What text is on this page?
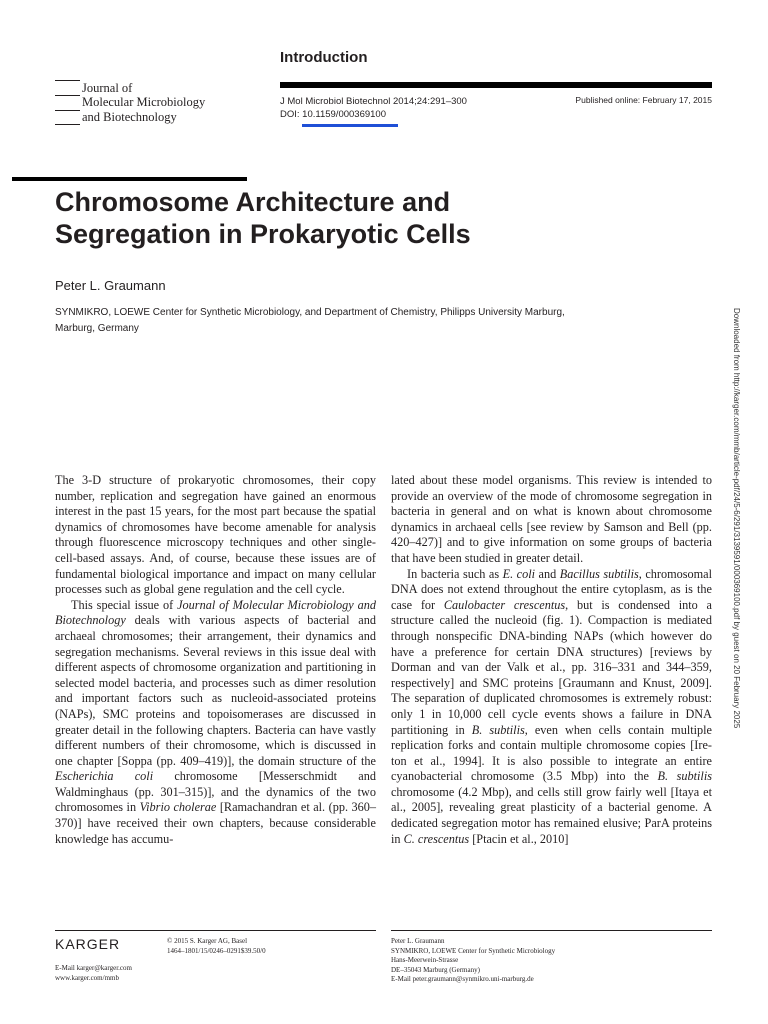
Introduction
Journal of
Molecular Microbiology
and Biotechnology
J Mol Microbiol Biotechnol 2014;24:291–300
DOI: 10.1159/000369100
Published online: February 17, 2015
Chromosome Architecture and
Segregation in Prokaryotic Cells
Peter L. Graumann
SYNMIKRO, LOEWE Center for Synthetic Microbiology, and Department of Chemistry, Philipps University Marburg,
Marburg, Germany	Downloaded from http://karger.com/mmb/article-pdf/24/5-6/291/3139591/000369100.pdf by guest on 20 February 2025

The 3-D structure of prokaryotic chromosomes, their copy number, replication and segregation have gained an enormous interest in the past 15 years, for the most part because the spatial dynamics of chromosomes have become amenable for analysis through fluorescence microscopy techniques and other single-cell-based assays. And, of course, because these issues are of fundamental biological importance and impact on many cellular processes such as global gene regulation and the cell cycle.

This special issue of Journal of Molecular Microbiology and Biotechnology deals with various aspects of bacterial and archaeal chromosomes; their arrangement, their dynamics and segregation mechanisms. Several reviews in this issue deal with different aspects of chromosome organization and partitioning in selected model bacteria, and processes such as dimer resolution and important factors such as nucleoid-associated proteins (NAPs), SMC proteins and topoisomerases are discussed in greater detail in the following chapters. Bacteria can have vastly different numbers of their chromosome, which is discussed in one chapter [Soppa (pp. 409–419)], the domain structure of the Escherichia coli chromosome [Messerschmidt and Waldminghaus (pp. 301–315)], and the dynamics of the two chromosomes in Vibrio cholerae [Ramachandran et al. (pp. 360–370)] have received their own chapters, because considerable knowledge has accumu-

lated about these model organisms. This review is intended to provide an overview of the mode of chromosome segregation in bacteria in general and on what is known about chromosome dynamics in archaeal cells [see review by Samson and Bell (pp. 420–427)] and to give information on some groups of bacteria that have been studied in greater detail.

In bacteria such as E. coli and Bacillus subtilis, chromosomal DNA does not extend throughout the entire cytoplasm, as is the case for Caulobacter crescentus, but is condensed into a structure called the nucleoid (fig. 1). Compaction is mediated through nonspecific DNA-binding NAPs (which however do have a preference for certain DNA structures) [reviews by Dorman and van der Valk et al., pp. 316–331 and 344–359, respectively] and SMC proteins [Graumann and Knust, 2009]. The separation of duplicated chromosomes is extremely robust: only 1 in 10,000 cell cycle events shows a failure in DNA partitioning in B. subtilis, even when cells contain multiple replication forks and contain multiple chromosome copies [Ireton et al., 1994]. It is also possible to integrate an entire cyanobacterial chromosome (3.5 Mbp) into the B. subtilis chromosome (4.2 Mbp), and cells still grow fairly well [Itaya et al., 2005], revealing great plasticity of a bacterial genome. A dedicated segregation motor has remained elusive; ParA proteins in C. crescentus [Ptacin et al., 2010]

KARGER	© 2015 S. Karger AG, Basel
1464–1801/15/0246–0291$39.50/0
E-Mail karger@karger.com
www.karger.com/mmb
Peter L. Graumann
SYNMIKRO, LOEWE Center for Synthetic Microbiology
Hans-Meerwein-Strasse
DE–35043 Marburg (Germany)
E-Mail peter.graumann@synmikro.uni-marburg.de
